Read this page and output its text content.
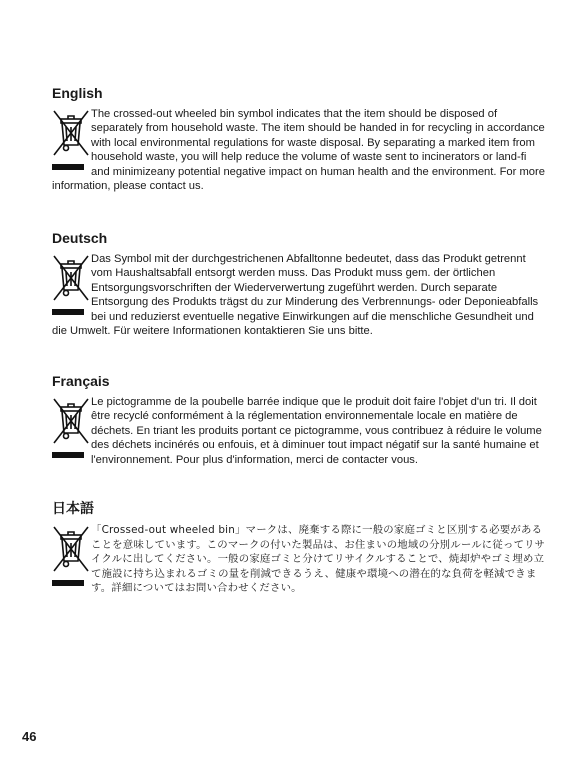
English

The crossed-out wheeled bin symbol indicates that the item should be disposed of separately from household waste. The item should be handed in for recycling in accordance with local environmental regulations for waste disposal. By separating a marked item from household waste, you will help reduce the volume of waste sent to incinerators or land-fi and minimizeany potential negative impact on human health and the environment. For more information, please contact us.

Deutsch

Das Symbol mit der durchgestrichenen Abfalltonne bedeutet, dass das Produkt getrennt vom Haushaltsabfall entsorgt werden muss. Das Produkt muss gem. der örtlichen Entsorgungsvorschriften der Wiederverwertung zugeführt werden. Durch separate Entsorgung des Produkts trägst du zur Minderung des Verbrennungs- oder Deponieabfalls bei und reduzierst eventuelle negative Einwirkungen auf die menschliche Gesundheit und die Umwelt. Für weitere Informationen kontaktieren Sie uns bitte.

Français

Le pictogramme de la poubelle barrée indique que le produit doit faire l'objet d'un tri. Il doit être recyclé conformément à la réglementation environnementale locale en matière de déchets. En triant les produits portant ce pictogramme, vous contribuez à réduire le volume des déchets incinérés ou enfouis, et à diminuer tout impact négatif sur la santé humaine et l'environnement. Pour plus d'information, merci de contacter vous.

日本語

「Crossed-out wheeled bin」マークは、廃棄する際に一般の家庭ゴミと区別する必要があることを意味しています。このマークの付いた製品は、お住まいの地域の分別ルールに従ってリサイクルに出してください。一般の家庭ゴミと分けてリサイクルすることで、焼却炉やゴミ埋め立て施設に持ち込まれるゴミの量を削減できるうえ、健康や環境への潜在的な負荷を軽減できます。詳細についてはお問い合わせください。

46
